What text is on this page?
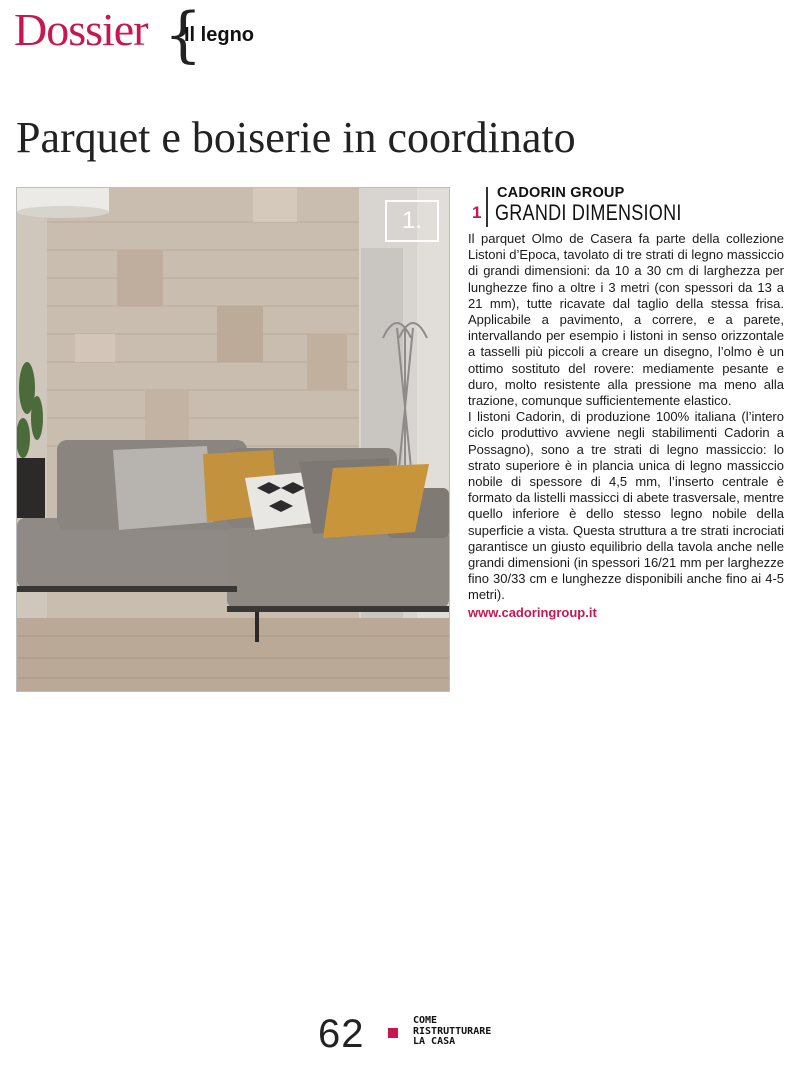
Dossier {
Il legno
Parquet e boiserie in coordinato
1.	1
CADORIN GROUP
GRANDI DIMENSIONI

Il parquet Olmo de Casera fa parte della collezione Listoni d’Epoca, tavolato di tre strati di legno massiccio di grandi dimensioni: da 10 a 30 cm di larghezza per lunghezze fino a oltre i 3 metri (con spessori da 13 a 21 mm), tutte ricavate dal taglio della stessa frisa. Applicabile a pavimento, a correre, e a parete, intervallando per esempio i listoni in senso orizzontale a tasselli più piccoli a creare un disegno, l’olmo è un ottimo sostituto del rovere: mediamente pesante e duro, molto resistente alla pressione ma meno alla trazione, comunque sufficientemente elastico.

I listoni Cadorin, di produzione 100% italiana (l’intero ciclo produttivo avviene negli stabilimenti Cadorin a Possagno), sono a tre strati di legno massiccio: lo strato superiore è in plancia unica di legno massiccio nobile di spessore di 4,5 mm, l’inserto centrale è formato da listelli massicci di abete trasversale, mentre quello inferiore è dello stesso legno nobile della superficie a vista. Questa struttura a tre strati incrociati garantisce un giusto equilibrio della tavola anche nelle grandi dimensioni (in spessori 16/21 mm per larghezze fino 30/33 cm e lunghezze disponibili anche fino ai 4-5 metri).

www.cadoringroup.it
62	COME
RISTRUTTURARE
LA CASA
